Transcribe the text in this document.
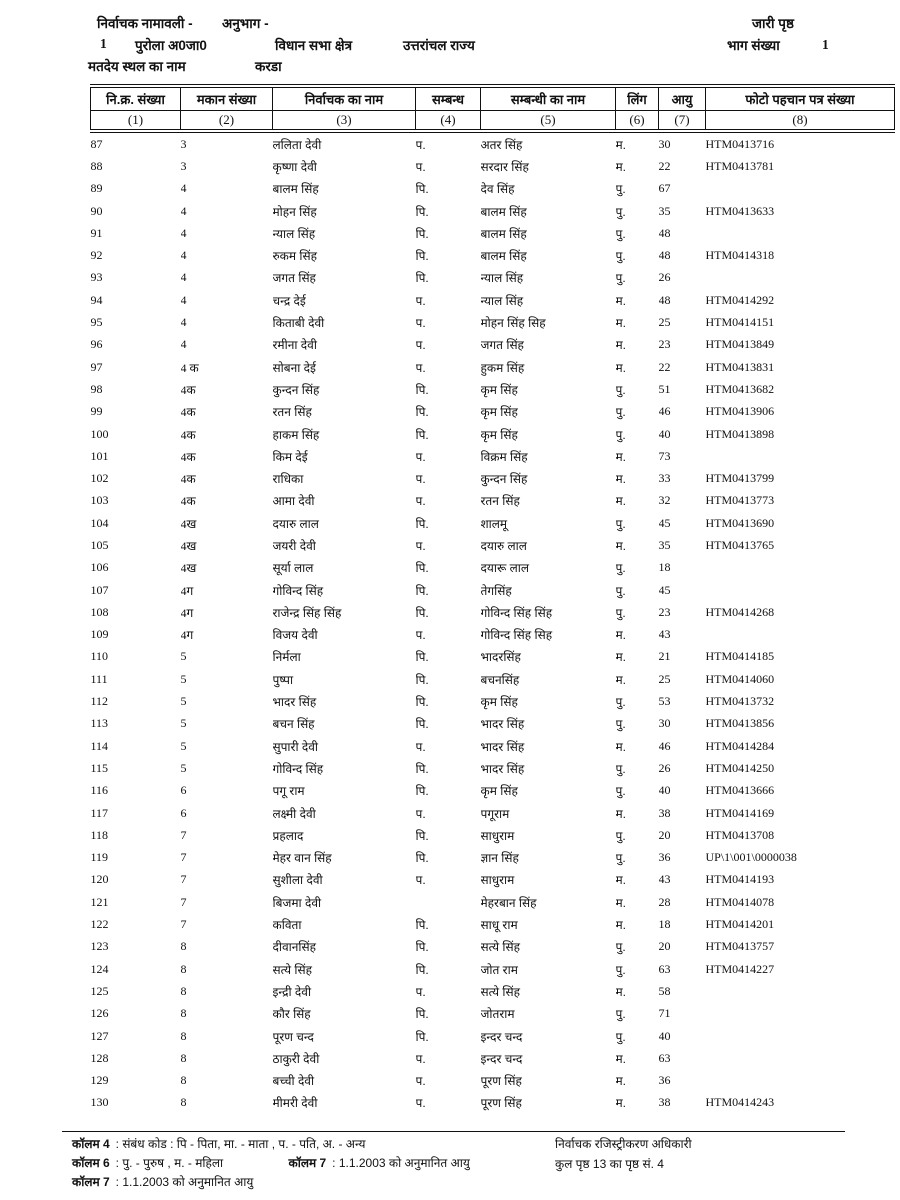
निर्वाचक नामावली - अनुभाग -	जारी पृष्ठ
1 पुरोला अ0जा0	विधान सभा क्षेत्र	उत्तरांचल राज्य	भाग संख्या	1
मतदेय स्थल का नाम	करडा
नि.क्र. संख्या	मकान संख्या	निर्वाचक का नाम	सम्बन्ध	सम्बन्धी का नाम	लिंग	आयु	फोटो पहचान पत्र संख्या
(1)	(2)	(3)	(4)	(5)	(6)	(7)	(8)
87	3	ललिता देवी	प.	अतर सिंह	म.	30	HTM0413716
88	3	कृष्णा देवी	प.	सरदार सिंह	म.	22	HTM0413781
89	4	बालम सिंह	पि.	देव सिंह	पु.	67	
90	4	मोहन सिंह	पि.	बालम सिंह	पु.	35	HTM0413633
91	4	न्याल सिंह	पि.	बालम सिंह	पु.	48	
92	4	रुकम सिंह	पि.	बालम सिंह	पु.	48	HTM0414318
93	4	जगत सिंह	पि.	न्याल सिंह	पु.	26	
94	4	चन्द्र देई	प.	न्याल सिंह	म.	48	HTM0414292
95	4	किताबी देवी	प.	मोहन सिंह सिह	म.	25	HTM0414151
96	4	रमीना देवी	प.	जगत सिंह	म.	23	HTM0413849
97	4 क	सोबना देई	प.	हुकम सिंह	म.	22	HTM0413831
98	4क	कुन्दन सिंह	पि.	कृम सिंह	पु.	51	HTM0413682
99	4क	रतन सिंह	पि.	कृम सिंह	पु.	46	HTM0413906
100	4क	हाकम सिंह	पि.	कृम सिंह	पु.	40	HTM0413898
101	4क	किम देई	प.	विक्रम सिंह	म.	73	
102	4क	राधिका	प.	कुन्दन सिंह	म.	33	HTM0413799
103	4क	आमा देवी	प.	रतन सिंह	म.	32	HTM0413773
104	4ख	दयारु लाल	पि.	शालमू	पु.	45	HTM0413690
105	4ख	जयरी देवी	प.	दयारु लाल	म.	35	HTM0413765
106	4ख	सूर्या लाल	पि.	दयारू लाल	पु.	18	
107	4ग	गोविन्द सिंह	पि.	तेगसिंह	पु.	45	
108	4ग	राजेन्द्र सिंह सिंह	पि.	गोविन्द सिंह सिंह	पु.	23	HTM0414268
109	4ग	विजय देवी	प.	गोविन्द सिंह सिह	म.	43	
110	5	निर्मला	पि.	भादरसिंह	म.	21	HTM0414185
111	5	पुष्पा	पि.	बचनसिंह	म.	25	HTM0414060
112	5	भादर सिंह	पि.	कृम सिंह	पु.	53	HTM0413732
113	5	बचन सिंह	पि.	भादर सिंह	पु.	30	HTM0413856
114	5	सुपारी देवी	प.	भादर सिंह	म.	46	HTM0414284
115	5	गोविन्द सिंह	पि.	भादर सिंह	पु.	26	HTM0414250
116	6	पगू राम	पि.	कृम सिंह	पु.	40	HTM0413666
117	6	लक्ष्मी देवी	प.	पगूराम	म.	38	HTM0414169
118	7	प्रहलाद	पि.	साधुराम	पु.	20	HTM0413708
119	7	मेहर वान सिंह	पि.	ज्ञान सिंह	पु.	36	UP\1\001\0000038
120	7	सुशीला देवी	प.	साधुराम	म.	43	HTM0414193
121	7	बिजमा देवी		मेहरबान सिंह	म.	28	HTM0414078
122	7	कविता	पि.	साधू राम	म.	18	HTM0414201
123	8	दीवानसिंह	पि.	सत्ये सिंह	पु.	20	HTM0413757
124	8	सत्ये सिंह	पि.	जोत राम	पु.	63	HTM0414227
125	8	इन्द्री देवी	प.	सत्ये सिंह	म.	58	
126	8	कौर सिंह	पि.	जोतराम	पु.	71	
127	8	पूरण चन्द	पि.	इन्दर चन्द	पु.	40	
128	8	ठाकुरी देवी	प.	इन्दर चन्द	म.	63	
129	8	बच्ची देवी	प.	पूरण सिंह	म.	36	
130	8	मीमरी देवी	प.	पूरण सिंह	म.	38	HTM0414243
कॉलम 4 : संबंध कोड : पि - पिता, मा. - माता , प. - पति, अ. - अन्य
कॉलम 6 : पु. - पुरुष , म. - महिला	कॉलम 7 : 1.1.2003 को अनुमानित आयु
कॉलम 7 : 1.1.2003 को अनुमानित आयु
निर्वाचक रजिस्ट्रीकरण अधिकारी
कुल पृष्ठ 13 का पृष्ठ सं. 4
